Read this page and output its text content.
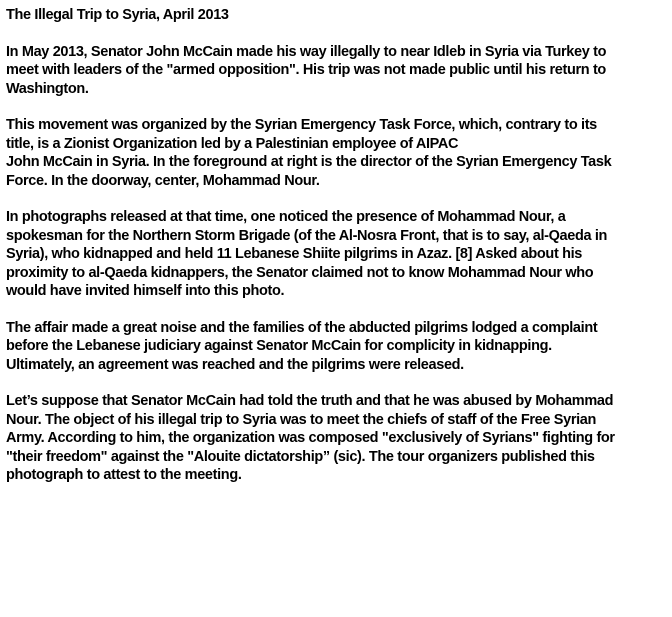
The Illegal Trip to Syria, April 2013

In May 2013, Senator John McCain made his way illegally to near Idleb in Syria via Turkey to
meet with leaders of the "armed opposition". His trip was not made public until his return to
Washington.

This movement was organized by the Syrian Emergency Task Force, which, contrary to its
title, is a Zionist Organization led by a Palestinian employee of AIPAC
John McCain in Syria. In the foreground at right is the director of the Syrian Emergency Task
Force. In the doorway, center, Mohammad Nour.

In photographs released at that time, one noticed the presence of Mohammad Nour, a
spokesman for the Northern Storm Brigade (of the Al-Nosra Front, that is to say, al-Qaeda in
Syria), who kidnapped and held 11 Lebanese Shiite pilgrims in Azaz. [8] Asked about his
proximity to al-Qaeda kidnappers, the Senator claimed not to know Mohammad Nour who
would have invited himself into this photo.

The affair made a great noise and the families of the abducted pilgrims lodged a complaint
before the Lebanese judiciary against Senator McCain for complicity in kidnapping.
Ultimately, an agreement was reached and the pilgrims were released.

Let’s suppose that Senator McCain had told the truth and that he was abused by Mohammad
Nour. The object of his illegal trip to Syria was to meet the chiefs of staff of the Free Syrian
Army. According to him, the organization was composed "exclusively of Syrians" fighting for
"their freedom" against the "Alouite dictatorship” (sic). The tour organizers published this
photograph to attest to the meeting.
